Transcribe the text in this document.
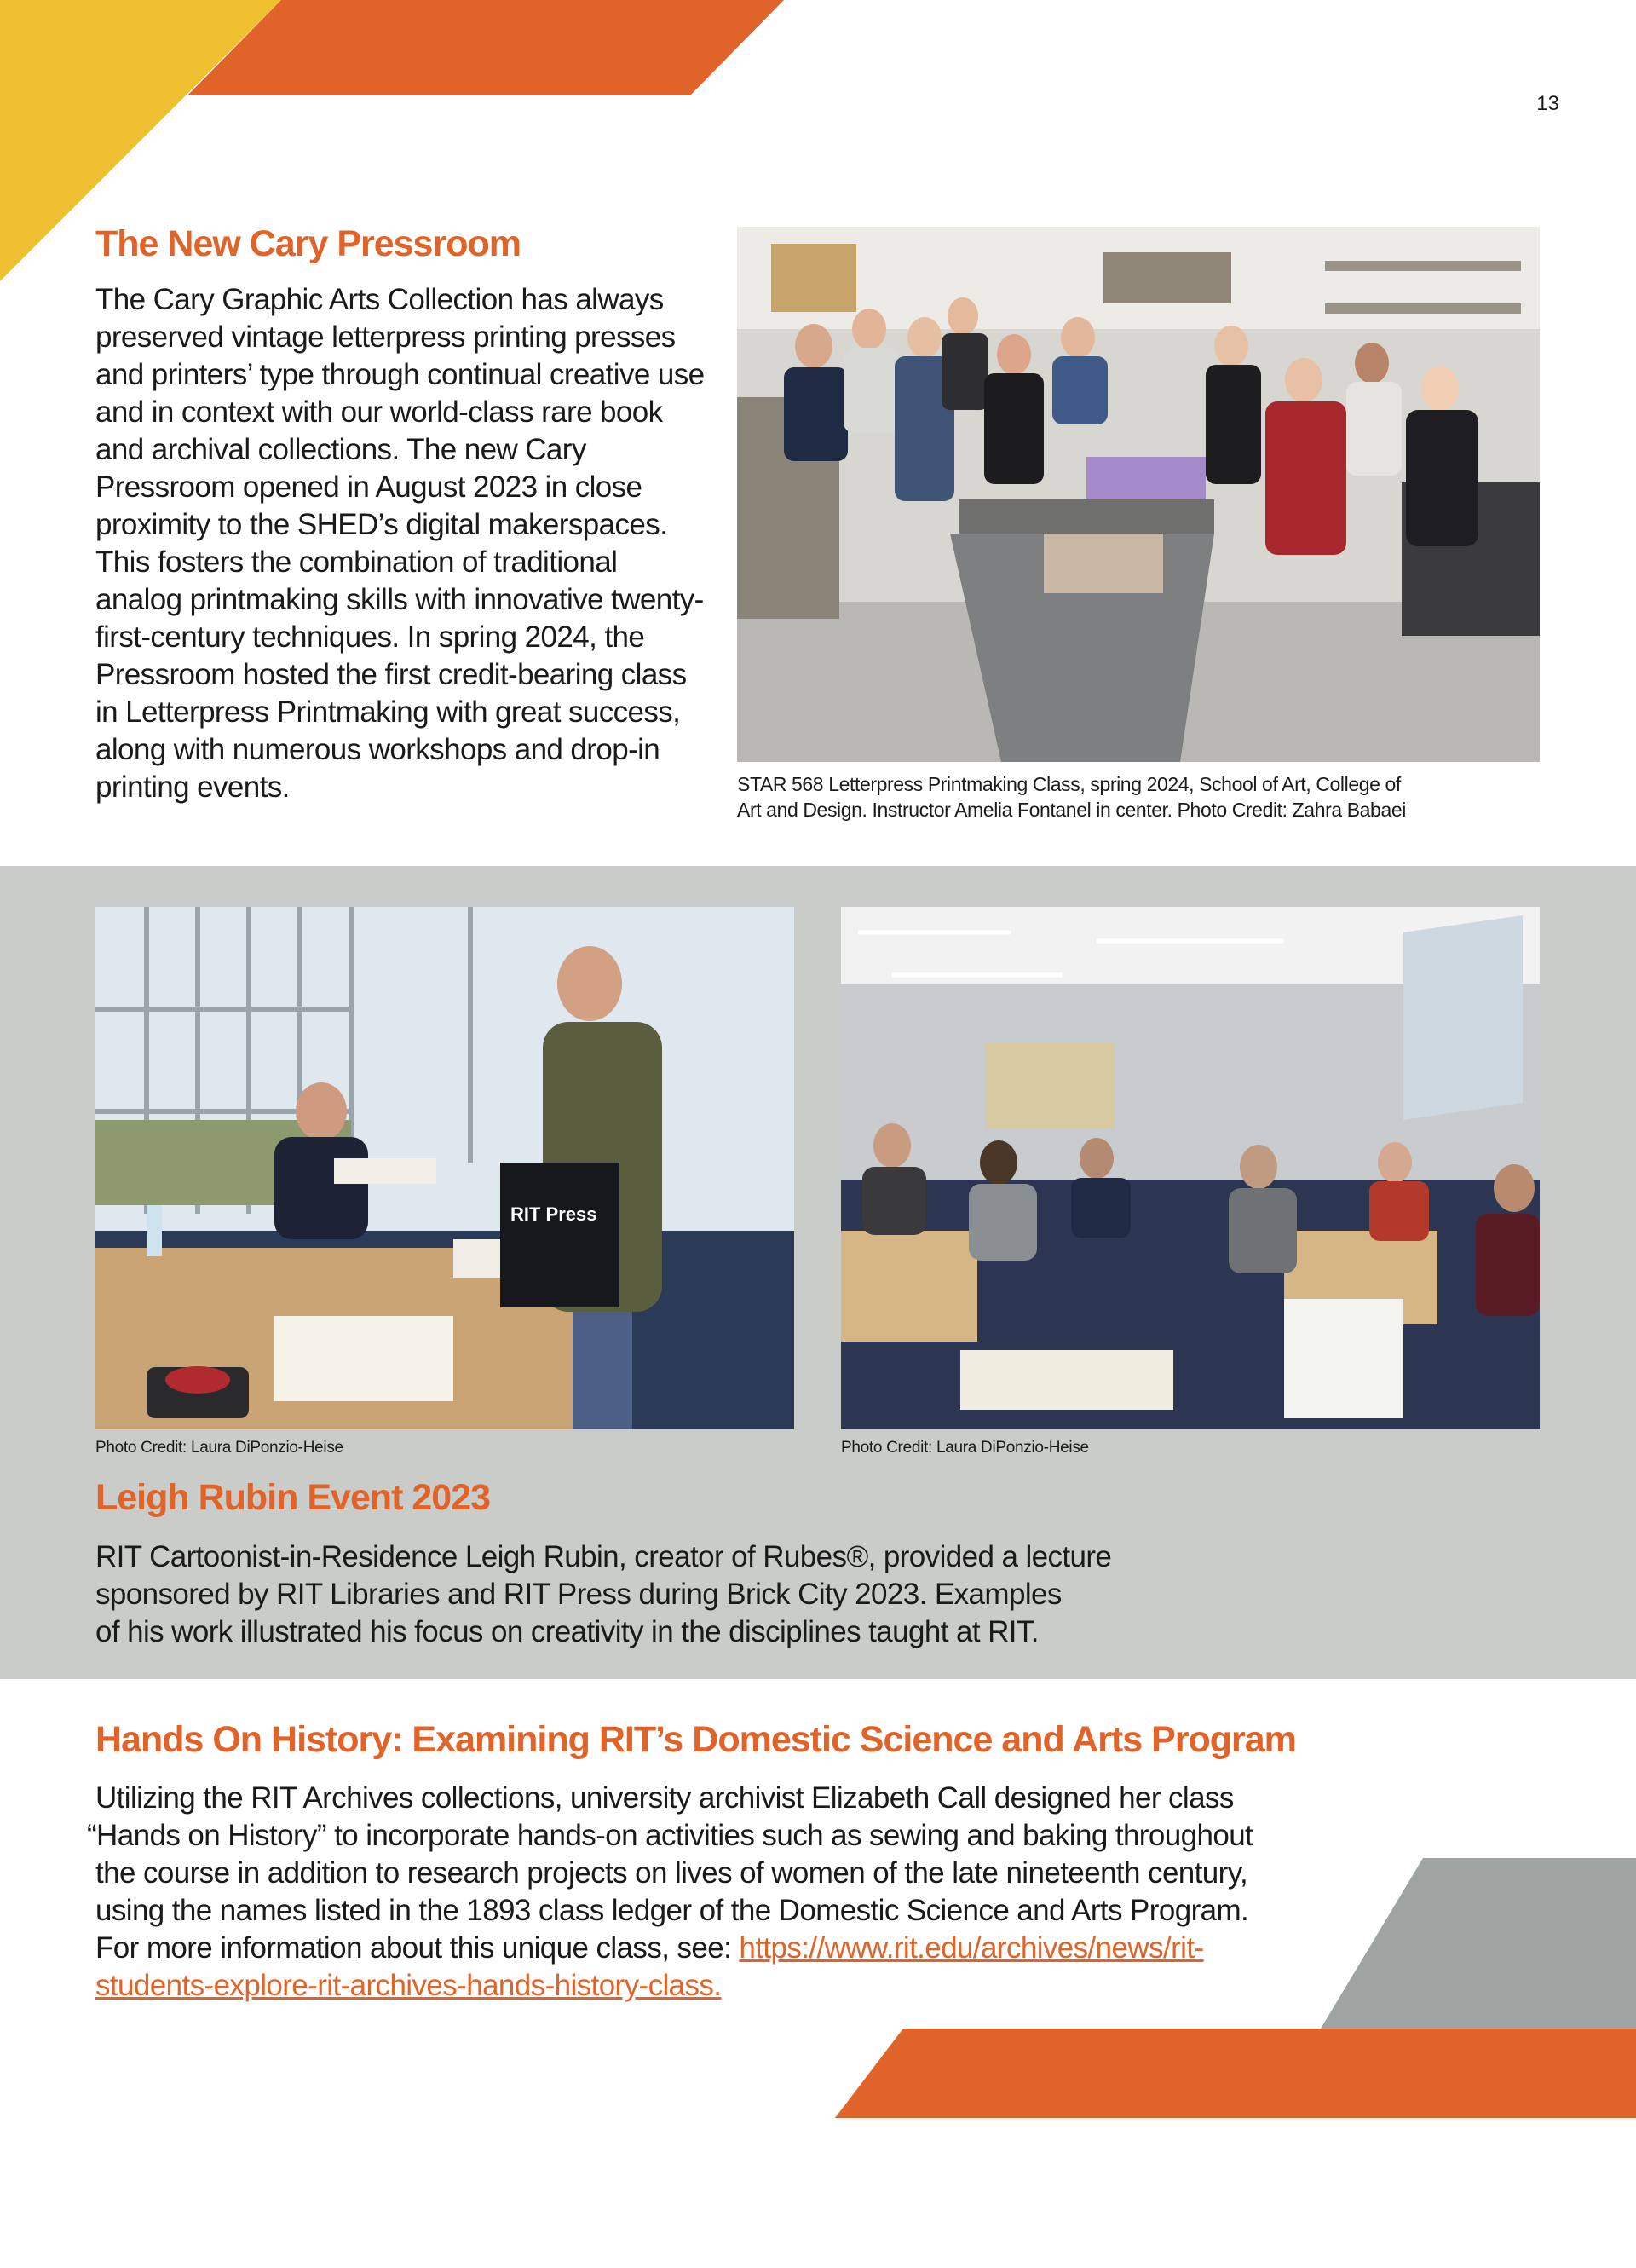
13
The New Cary Pressroom

The Cary Graphic Arts Collection has always preserved vintage letterpress printing presses and printers’ type through continual creative use and in context with our world-class rare book and archival collections. The new Cary Pressroom opened in August 2023 in close proximity to the SHED’s digital makerspaces. This fosters the combination of traditional analog printmaking skills with innovative twenty-first-century techniques. In spring 2024, the Pressroom hosted the first credit-bearing class in Letterpress Printmaking with great success, along with numerous workshops and drop-in printing events.	STAR 568 Letterpress Printmaking Class, spring 2024, School of Art, College of
Art and Design. Instructor Amelia Fontanel in center. Photo Credit: Zahra Babaei
RIT Press
Photo Credit: Laura DiPonzio-Heise	Photo Credit: Laura DiPonzio-Heise
Leigh Rubin Event 2023
RIT Cartoonist-in-Residence Leigh Rubin, creator of Rubes®, provided a lecture
sponsored by RIT Libraries and RIT Press during Brick City 2023. Examples
of his work illustrated his focus on creativity in the disciplines taught at RIT.
Hands On History: Examining RIT’s Domestic Science and Arts Program
Utilizing the RIT Archives collections, university archivist Elizabeth Call designed her class
“Hands on History” to incorporate hands-on activities such as sewing and baking throughout
the course in addition to research projects on lives of women of the late nineteenth century,
using the names listed in the 1893 class ledger of the Domestic Science and Arts Program.
For more information about this unique class, see: https://www.rit.edu/archives/news/rit-
students-explore-rit-archives-hands-history-class.
